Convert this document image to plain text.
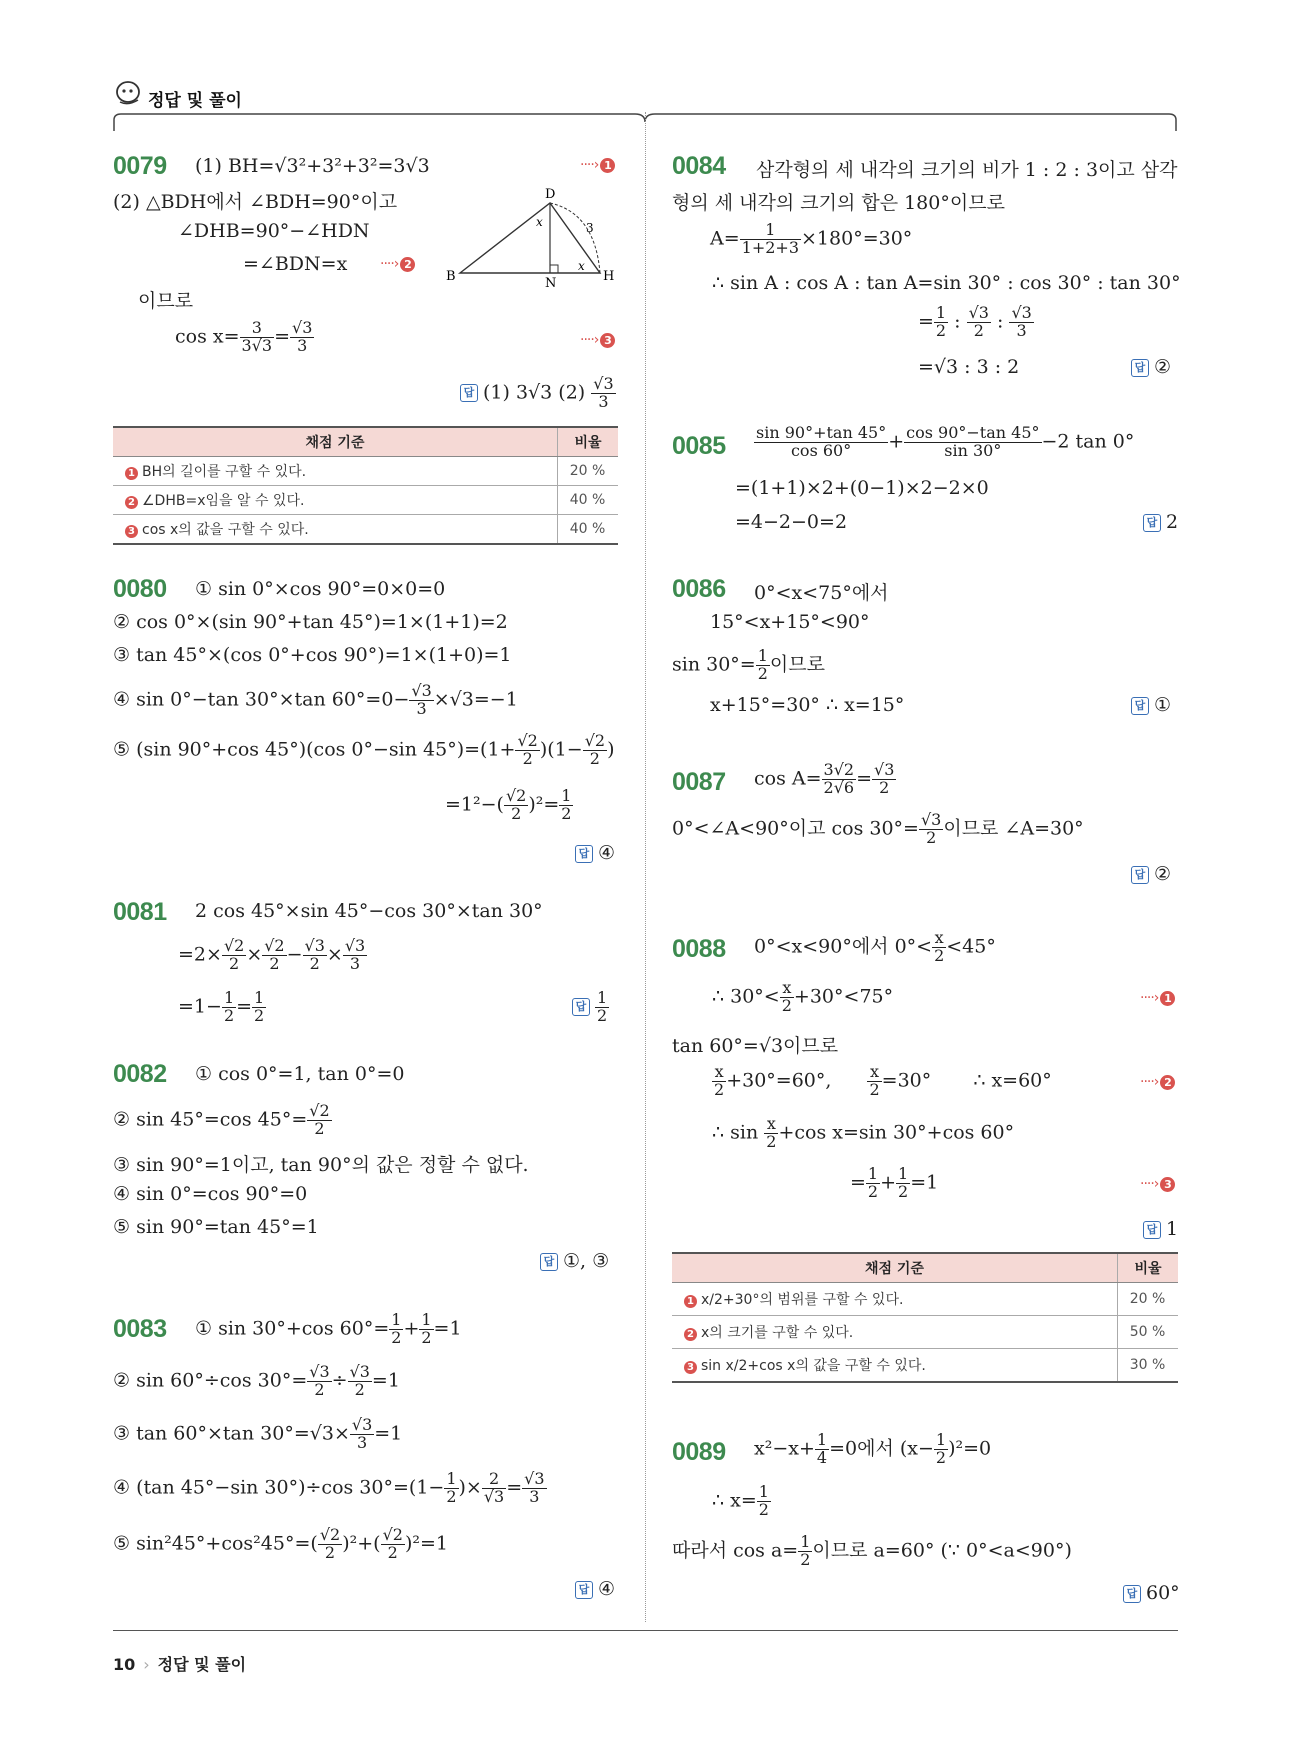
정답 및 풀이
0079 (1) BH=√3²+3²+3²=3√3	····› 1
(2) △BDH에서 ∠BDH=90°이고
∠DHB=90°−∠HDN
=∠BDN=x ····› 2
이므로
$\cos x= \frac{3}{3√3} = \frac{√3}{3}$	····› 3
B
D
N	H
x
x
3
답 (1) 3√3 $(2) \frac{√3}{3}$
채점 기준	비율
1 BH의 길이를 구할 수 있다.	20 %
2 ∠DHB=x임을 알 수 있다.	40 %
3 cos x의 값을 구할 수 있다.	40 %
0080 ① sin 0°×cos 90°=0×0=0
② cos 0°×(sin 90°+tan 45°)=1×(1+1)=2
③ tan 45°×(cos 0°+cos 90°)=1×(1+0)=1
④ sin 0°−tan 30°×tan $60^\circ=0- \frac{√3}{3} \times√3=-1$
⑤ (sin 90°+cos 45°)(cos 0°−sin $45^\circ)=(1+ \frac{√2}{2} )(1- \frac{√2}{2}$ )
$=1^2-( \frac{√2}{2} )^2= \frac{1}{2}$
답 ④
0081 2 cos 45°×sin 45°−cos 30°×tan 30°
$=2\times \frac{√2}{2} \times \frac{√2}{2} - \frac{√3}{2} \times \frac{√3}{3}$
$=1- \frac{1}{2} = \frac{1}{2}$	답 $\frac{1}{2}$
0082 ① cos 0°=1, tan 0°=0
② sin 45°=cos $45^\circ= \frac{√2}{2}$
③ sin 90°=1이고, tan 90°의 값은 정할 수 없다.
④ sin 0°=cos 90°=0
⑤ sin 90°=tan 45°=1
답 ①, ③
0083 ① sin 30°+cos $60^\circ= \frac{1}{2} + \frac{1}{2} =1$
② sin 60°÷cos $30^\circ= \frac{√3}{2} \div \frac{√3}{2} =1$
③ tan 60°×tan $30^\circ=√3\times \frac{√3}{3} =1$
④ (tan 45°−sin 30°)÷cos $30^\circ=(1- \frac{1}{2}$ )× $\frac{2}{√3} = \frac{√3}{3}$
⑤ $\sin^245^\circ+\cos^245^\circ=( \frac{√2}{2} )^2+( \frac{√2}{2} )^2=1$
답 ④
0084 삼각형의 세 내각의 크기의 비가 1 : 2 : 3이고 삼각
형의 세 내각의 크기의 합은 180°이므로
$A= \frac{1}{1+2+3} \times 180^\circ=30^\circ$
∴ sin A : cos A : tan A=sin 30° : cos 30° : tan 30°
= $\frac{1}{2}$ : $\frac{√3}{2}$ : $\frac{√3}{3}$
=√3 : 3 : 2	답 ②
$0085 \frac{\sin 90^\circ+\tan 45^\circ}{\cos 60^\circ} + \frac{\cos 90^\circ-\tan 45^\circ}{\sin 30^\circ} -2$ tan 0°
=(1+1)×2+(0−1)×2−2×0
=4−2−0=2	답 2
0086 0°<x<75°에서
15°<x+15°<90°
$\sin 30^\circ= \frac{1}{2}$ 이므로
x+15°=30° ∴ x=15°	답 ①
0087 $\cos A= \frac{3√2}{2√6} = \frac{√3}{2}$
0°<∠A<90°이고 $\cos 30^\circ= \frac{√3}{2}$ 이므로 ∠A=30°
답 ②
0088 0°<x<90°에서 $0^\circ< \frac{x}{2} <45^\circ$
∴ $30^\circ< \frac{x}{2} +30^\circ<75^\circ$	····› 1
tan 60°=√3이므로
$\frac{x}{2} +30^\circ=60^\circ$, $\frac{x}{2} =30^\circ$ ∴ x=60°	····› 2
∴ $\sin \frac{x}{2} +\cos$ x=sin 30°+cos 60°
= $\frac{1}{2} + \frac{1}{2} =1$	····› 3
답 1
채점 기준	비율
1 x/2+30°의 범위를 구할 수 있다.	20 %
2 x의 크기를 구할 수 있다.	50 %
3 sin x/2+cos x의 값을 구할 수 있다.	30 %
0089 $x^2-x+ \frac{1}{4} =0$에서 $(x- \frac{1}{2} )^2=0$
∴ $x= \frac{1}{2}$
따라서 $\cos a= \frac{1}{2}$ 이므로 a=60° (∵ 0°<a<90°)
답 60°
10 › 정답 및 풀이
